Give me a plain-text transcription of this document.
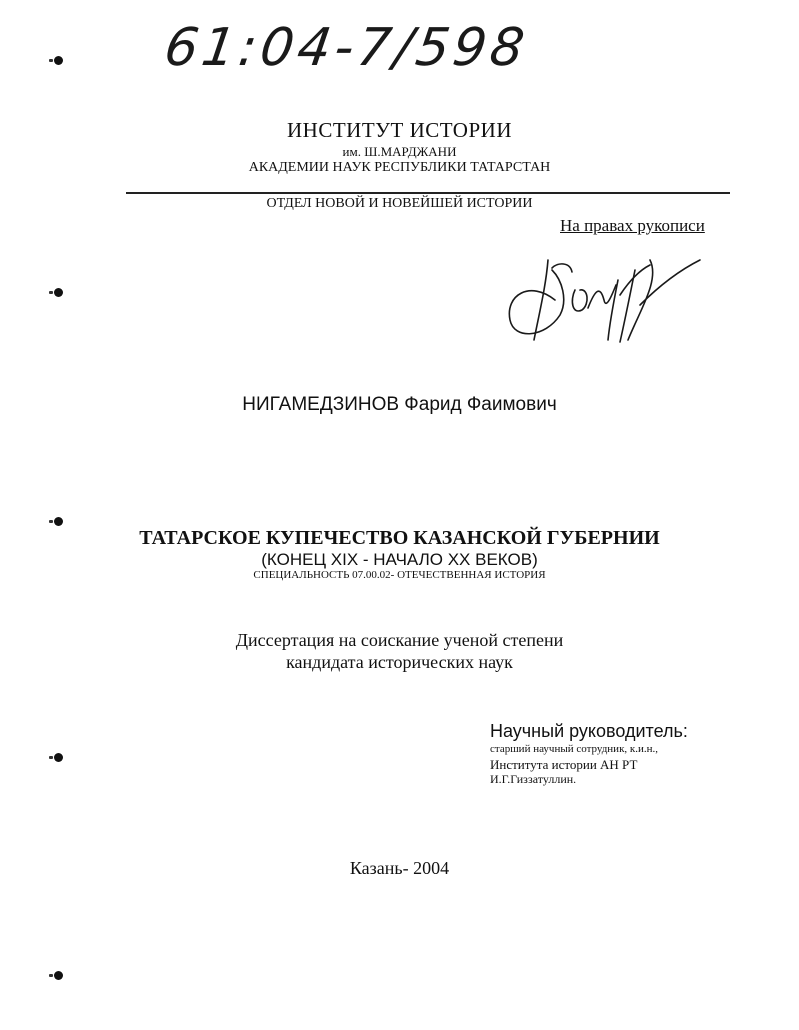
61:04-7/598
ИНСТИТУТ ИСТОРИИ
им. Ш.МАРДЖАНИ
АКАДЕМИИ НАУК РЕСПУБЛИКИ ТАТАРСТАН
ОТДЕЛ НОВОЙ И НОВЕЙШЕЙ ИСТОРИИ
На правах рукописи
НИГАМЕДЗИНОВ Фарид Фаимович
ТАТАРСКОЕ КУПЕЧЕСТВО КАЗАНСКОЙ ГУБЕРНИИ
(КОНЕЦ XIX - НАЧАЛО XX ВЕКОВ)
СПЕЦИАЛЬНОСТЬ 07.00.02- ОТЕЧЕСТВЕННАЯ ИСТОРИЯ
Диссертация на соискание ученой степени
кандидата исторических наук
Научный руководитель:
старший научный сотрудник, к.и.н.,
Института истории АН РТ
И.Г.Гиззатуллин.
Казань- 2004
